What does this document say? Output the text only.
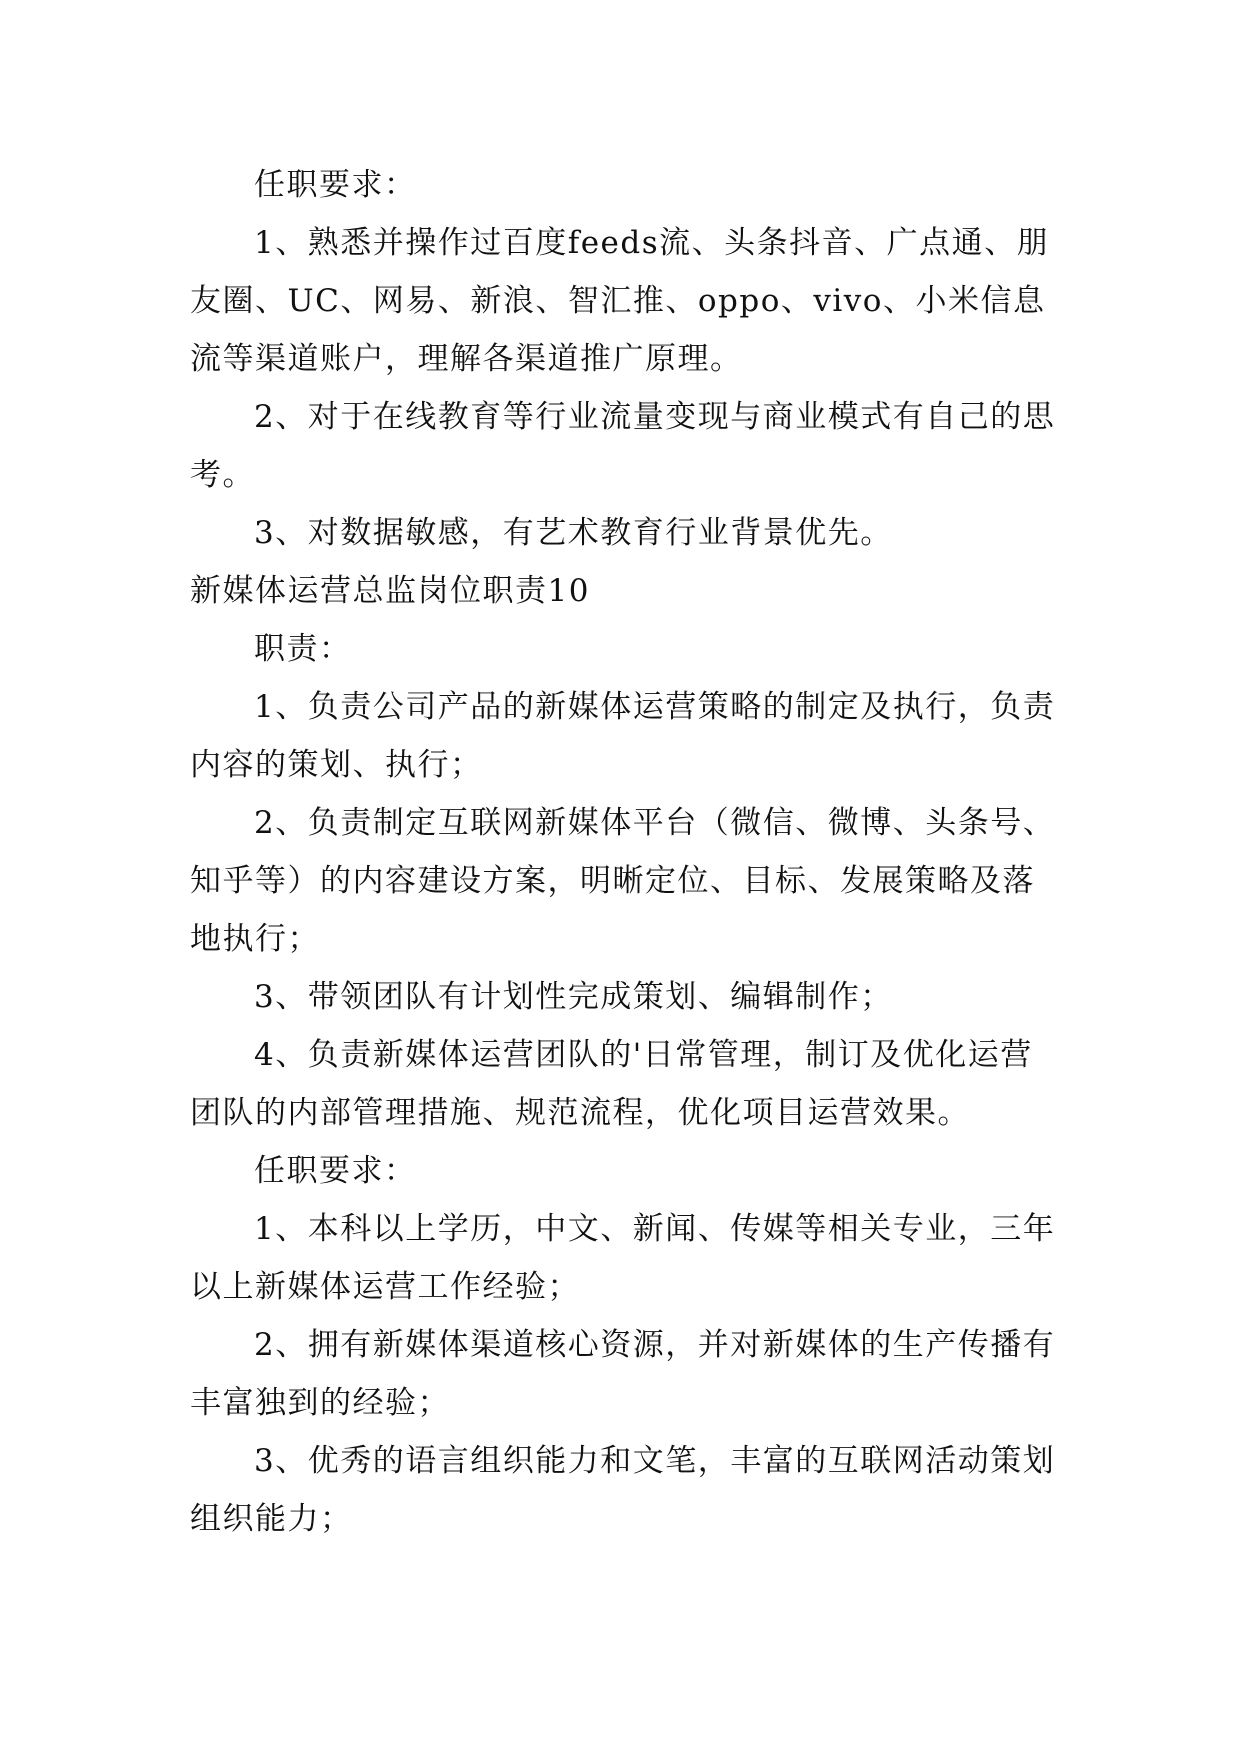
任职要求：

1、熟悉并操作过百度feeds流、头条抖音、广点通、朋友圈、UC、网易、新浪、智汇推、oppo、vivo、小米信息流等渠道账户，理解各渠道推广原理。

2、对于在线教育等行业流量变现与商业模式有自己的思考。

3、对数据敏感，有艺术教育行业背景优先。

新媒体运营总监岗位职责10

职责：

1、负责公司产品的新媒体运营策略的制定及执行，负责内容的策划、执行；

2、负责制定互联网新媒体平台（微信、微博、头条号、知乎等）的内容建设方案，明晰定位、目标、发展策略及落地执行；

3、带领团队有计划性完成策划、编辑制作；

4、负责新媒体运营团队的'日常管理，制订及优化运营团队的内部管理措施、规范流程，优化项目运营效果。

任职要求：

1、本科以上学历，中文、新闻、传媒等相关专业，三年以上新媒体运营工作经验；

2、拥有新媒体渠道核心资源，并对新媒体的生产传播有丰富独到的经验；

3、优秀的语言组织能力和文笔，丰富的互联网活动策划组织能力；
